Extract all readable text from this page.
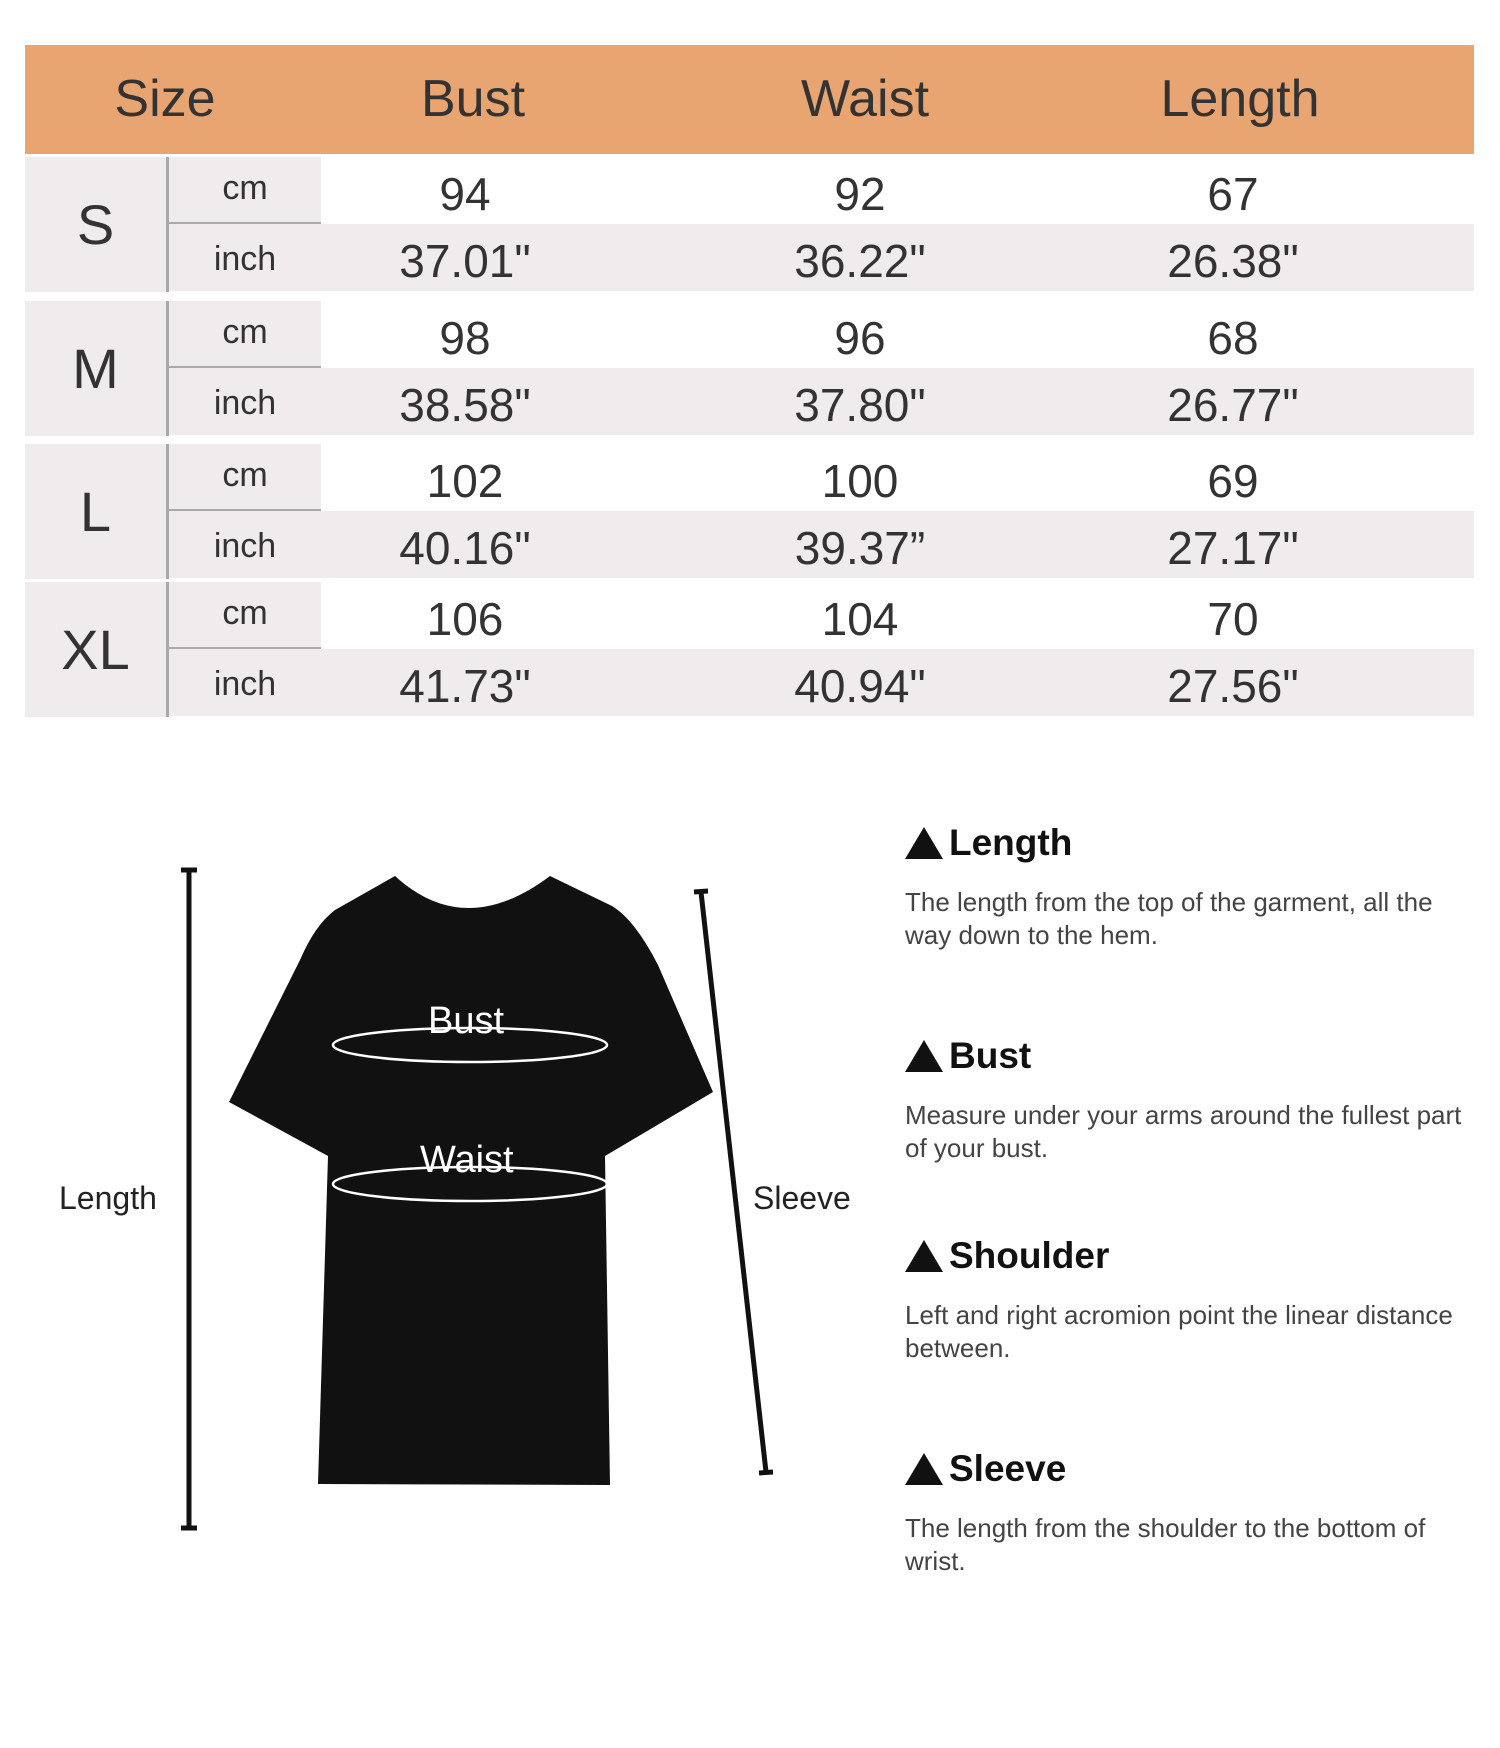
Size	Bust	Waist	Length
S
cm	94	92	67
inch	37.01"	36.22"	26.38"
M
cm	98	96	68
inch	38.58"	37.80"	26.77"
L
cm	102	100	69
inch	40.16"	39.37”	27.17"
XL
cm	106	104	70
inch	41.73"	40.94"	27.56"
Length	Sleeve
Bust
Waist
Length
The length from the top of the garment, all the way down to the hem.
Bust
Measure under your arms around the fullest part of your bust.
Shoulder
Left and right acromion point the linear distance between.
Sleeve
The length from the shoulder to the bottom of wrist.
